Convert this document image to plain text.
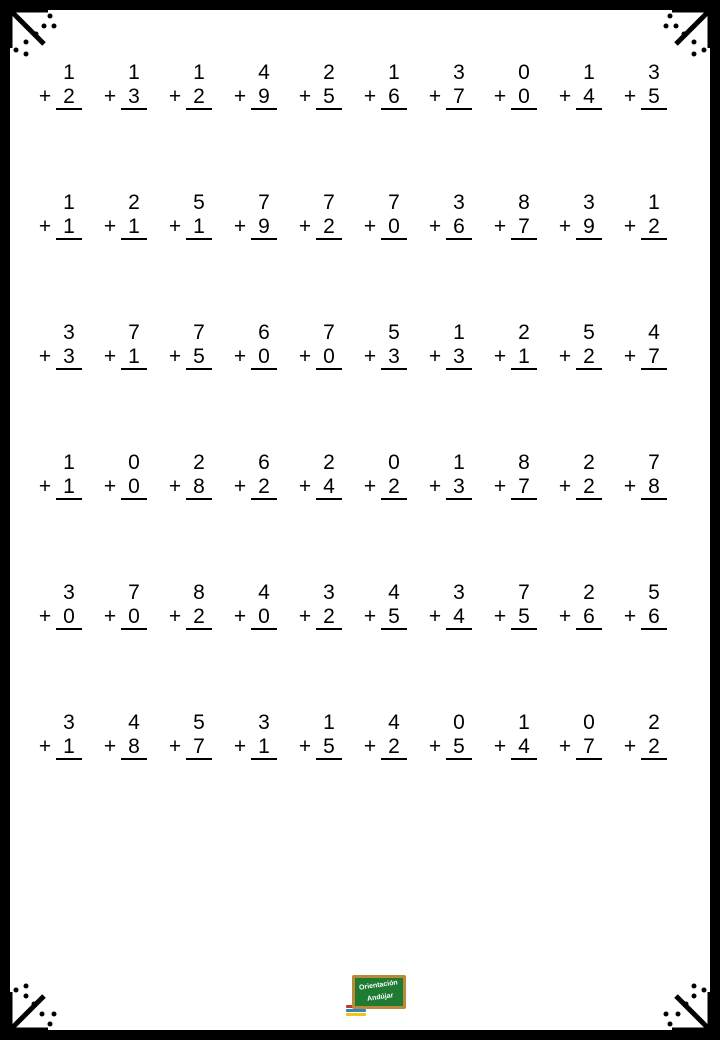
1
+ 2
1
+ 3
1
+ 2
4
+ 9
2
+ 5
1
+ 6
3
+ 7
0
+ 0
1
+ 4
3
+ 5
1
+ 1
2
+ 1
5
+ 1
7
+ 9
7
+ 2
7
+ 0
3
+ 6
8
+ 7
3
+ 9
1
+ 2
3
+ 3
7
+ 1
7
+ 5
6
+ 0
7
+ 0
5
+ 3
1
+ 3
2
+ 1
5
+ 2
4
+ 7
1
+ 1
0
+ 0
2
+ 8
6
+ 2
2
+ 4
0
+ 2
1
+ 3
8
+ 7
2
+ 2
7
+ 8
3
+ 0
7
+ 0
8
+ 2
4
+ 0
3
+ 2
4
+ 5
3
+ 4
7
+ 5
2
+ 6
5
+ 6
3
+ 1
4
+ 8
5
+ 7
3
+ 1
1
+ 5
4
+ 2
0
+ 5
1
+ 4
0
+ 7
2
+ 2
Orientación
Andújar
